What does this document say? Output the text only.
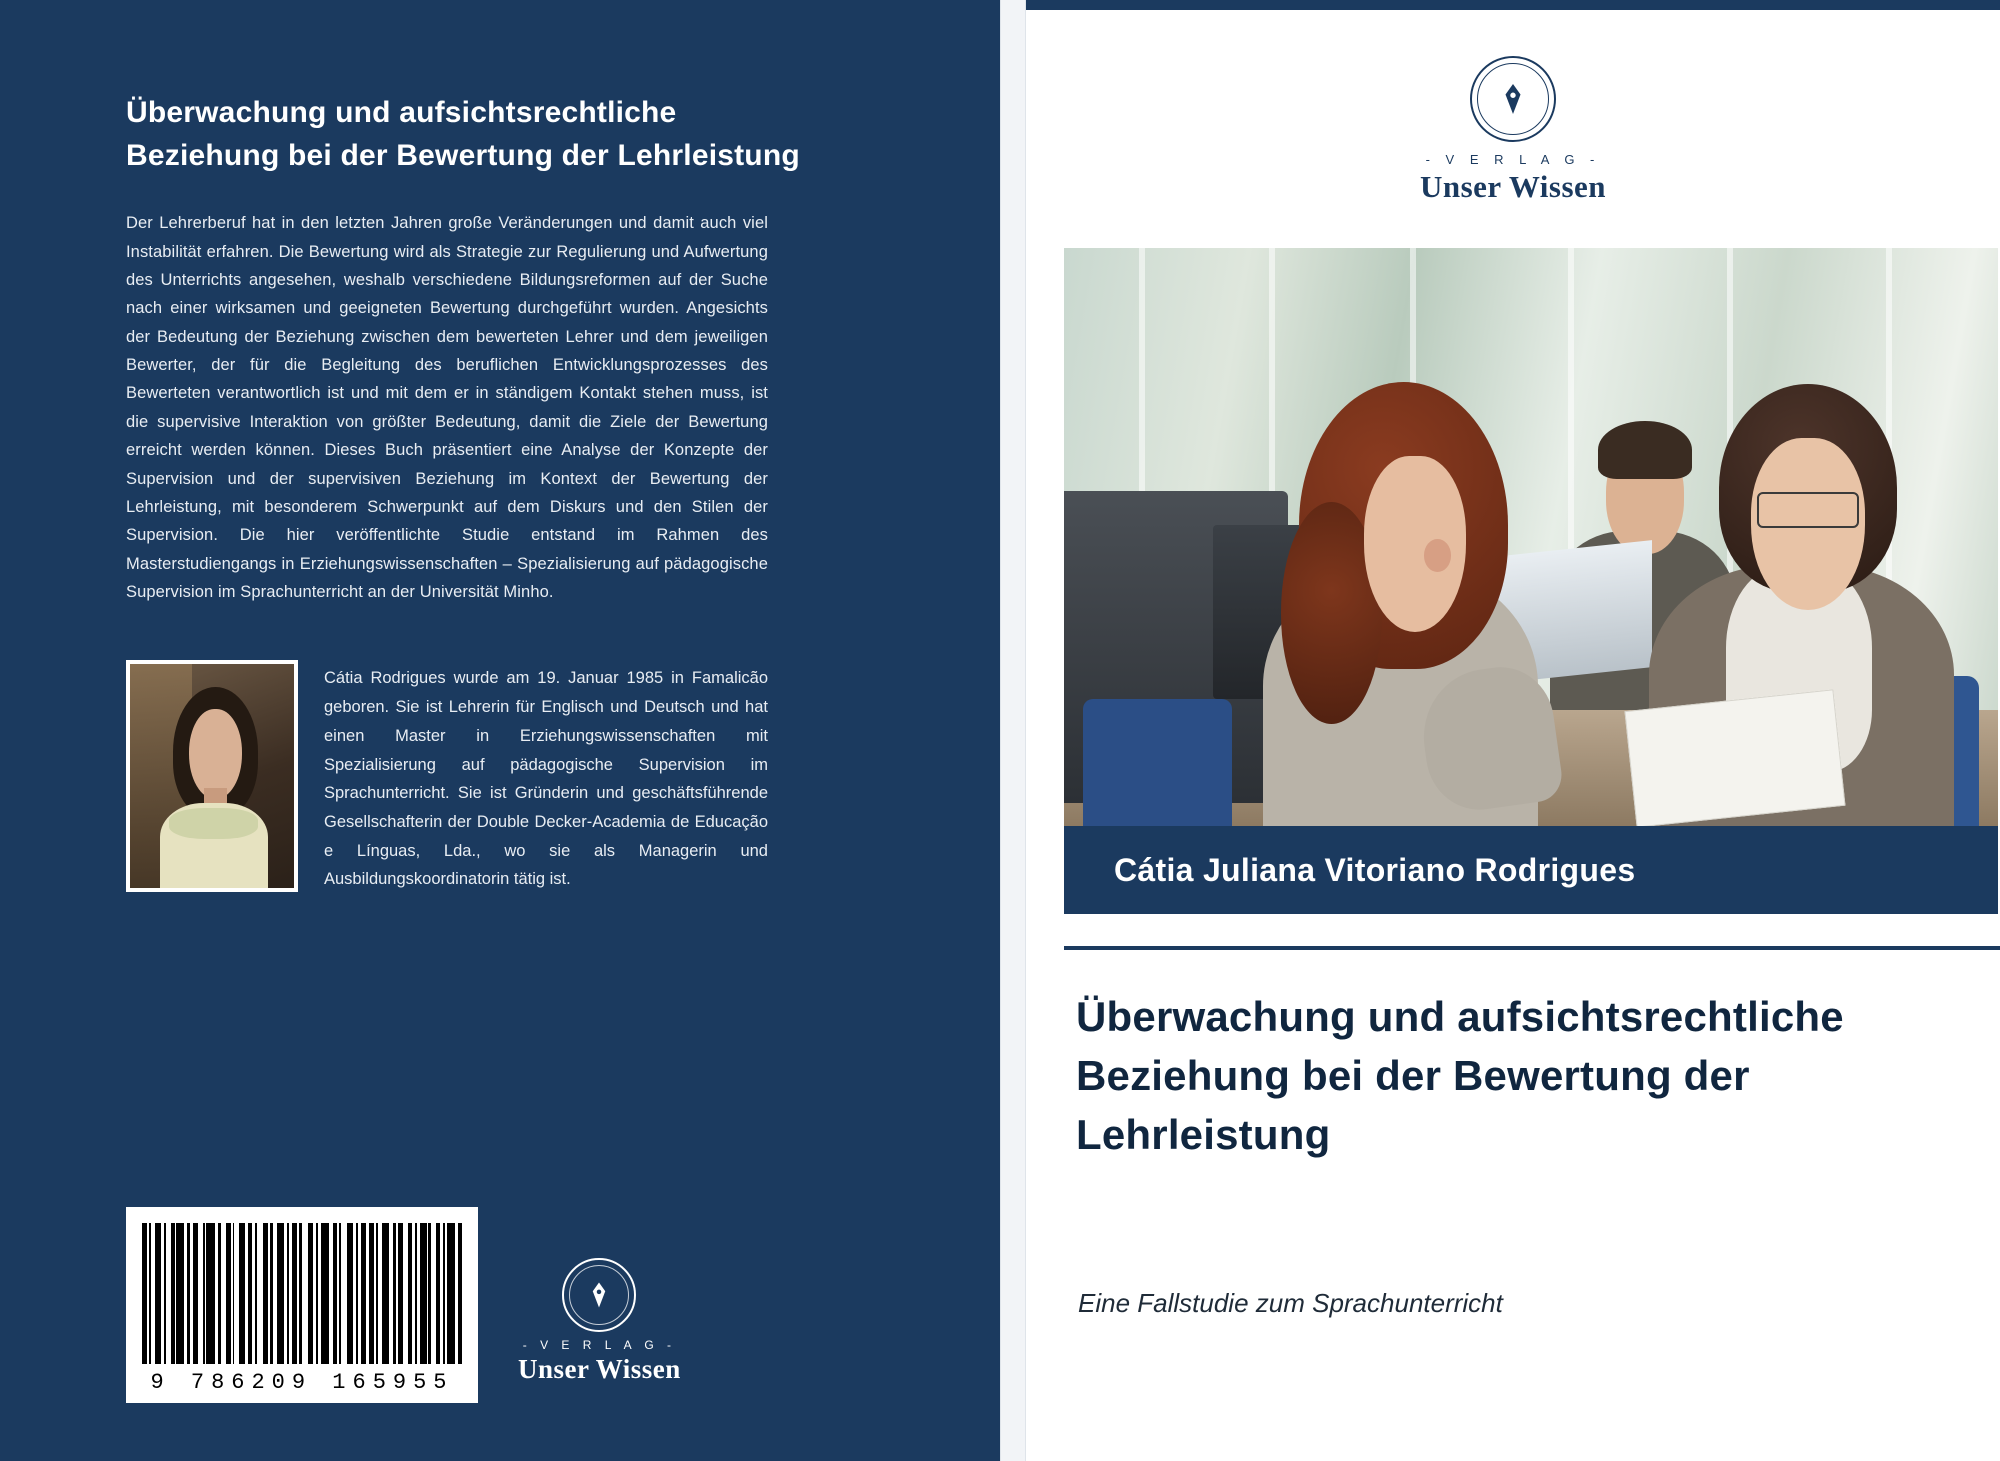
Überwachung und aufsichtsrechtliche Beziehung bei der Bewertung der Lehrleistung
Der Lehrerberuf hat in den letzten Jahren große Veränderungen und damit auch viel Instabilität erfahren. Die Bewertung wird als Strategie zur Regulierung und Aufwertung des Unterrichts angesehen, weshalb verschiedene Bildungsreformen auf der Suche nach einer wirksamen und geeigneten Bewertung durchgeführt wurden. Angesichts der Bedeutung der Beziehung zwischen dem bewerteten Lehrer und dem jeweiligen Bewerter, der für die Begleitung des beruflichen Entwicklungsprozesses des Bewerteten verantwortlich ist und mit dem er in ständigem Kontakt stehen muss, ist die supervisive Interaktion von größter Bedeutung, damit die Ziele der Bewertung erreicht werden können. Dieses Buch präsentiert eine Analyse der Konzepte der Supervision und der supervisiven Beziehung im Kontext der Bewertung der Lehrleistung, mit besonderem Schwerpunkt auf dem Diskurs und den Stilen der Supervision. Die hier veröffentlichte Studie entstand im Rahmen des Masterstudiengangs in Erziehungswissenschaften – Spezialisierung auf pädagogische Supervision im Sprachunterricht an der Universität Minho.
Cátia Rodrigues wurde am 19. Januar 1985 in Famalicão geboren. Sie ist Lehrerin für Englisch und Deutsch und hat einen Master in Erziehungswissenschaften mit Spezialisierung auf pädagogische Supervision im Sprachunterricht. Sie ist Gründerin und geschäftsführende Gesellschafterin der Double Decker-Academia de Educação e Línguas, Lda., wo sie als Managerin und Ausbildungskoordinatorin tätig ist.
9 786209 165955
- V E R L A G -
Unser Wissen
- V E R L A G -
Unser Wissen
Cátia Juliana Vitoriano Rodrigues
Überwachung und aufsichtsrechtliche Beziehung bei der Bewertung der Lehrleistung
Eine Fallstudie zum Sprachunterricht
